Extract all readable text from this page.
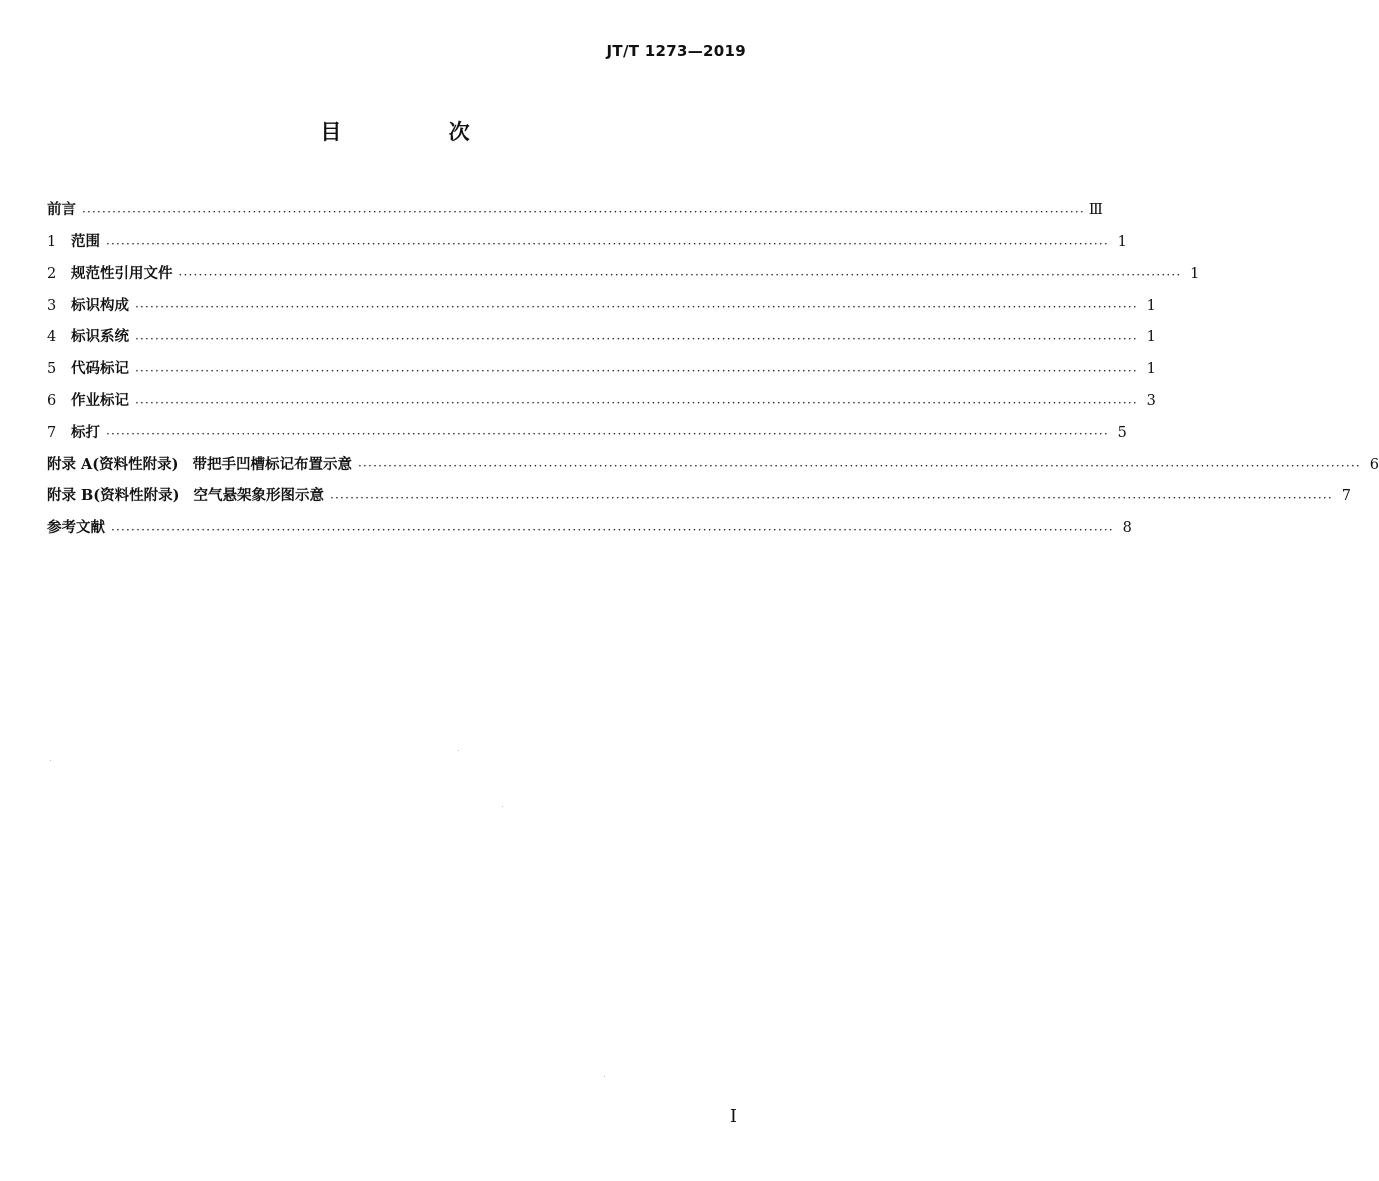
JT/T 1273—2019
目 次
前言 ········································································································································································································ Ⅲ
1	范围 ········································································································································································································ 1
2	规范性引用文件 ········································································································································································································ 1
3	标识构成 ········································································································································································································ 1
4	标识系统 ········································································································································································································ 1
5	代码标记 ········································································································································································································ 1
6	作业标记 ········································································································································································································ 3
7	标打 ········································································································································································································ 5
附录 A(资料性附录) 带把手凹槽标记布置示意 ········································································································································································································ 6
附录 B(资料性附录) 空气悬架象形图示意 ········································································································································································································ 7
参考文献 ········································································································································································································ 8
I
